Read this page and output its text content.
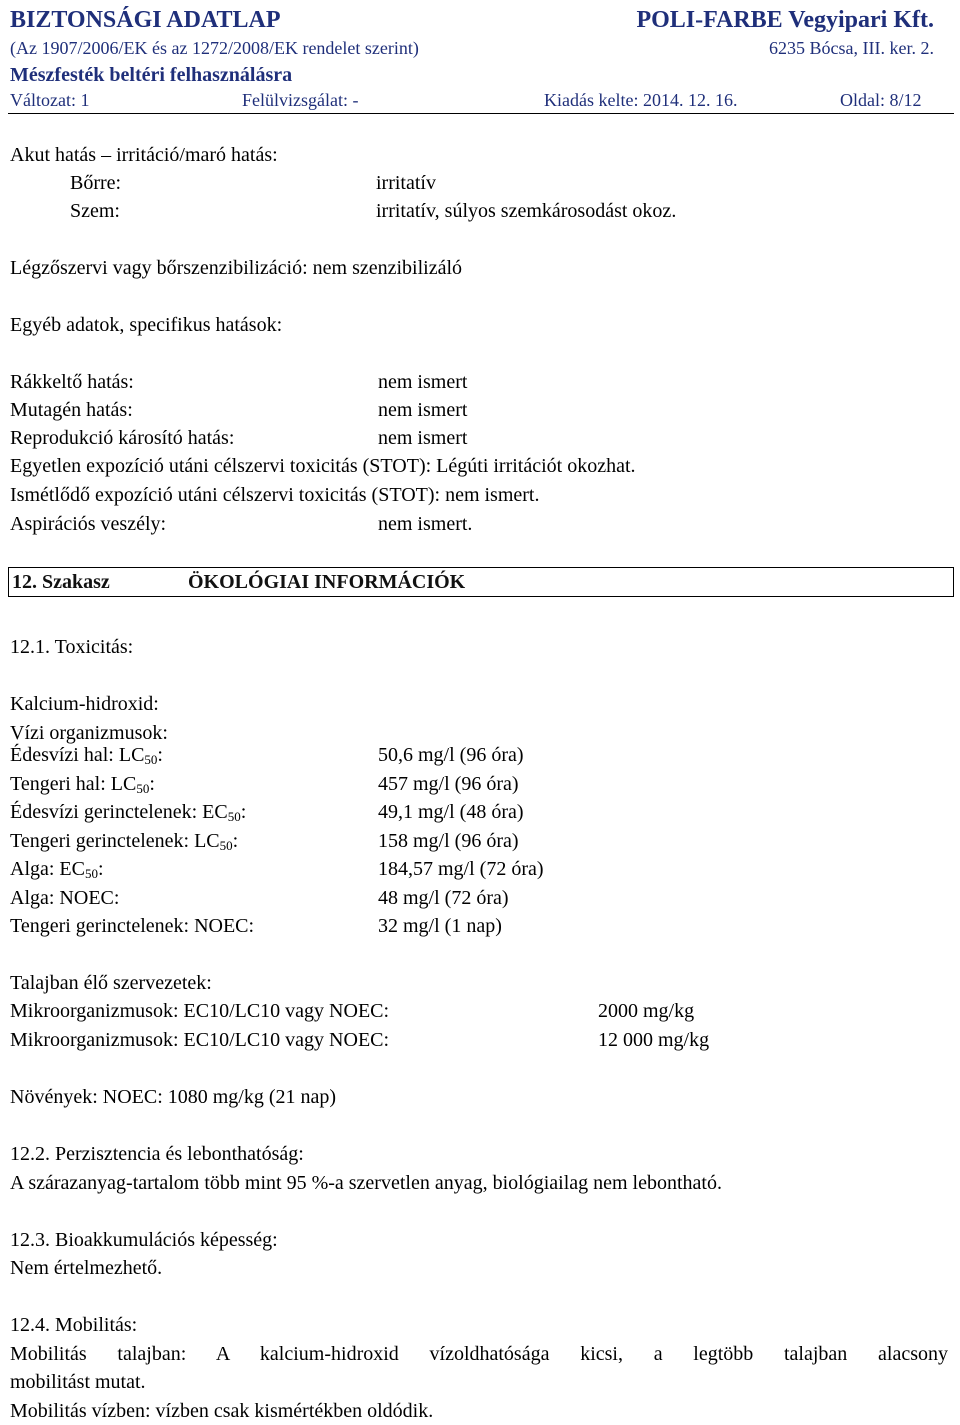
BIZTONSÁGI ADATLAP	POLI-FARBE Vegyipari Kft.
(Az 1907/2006/EK és az 1272/2008/EK rendelet szerint)	6235 Bócsa, III. ker. 2.
Mészfesték beltéri felhasználásra
Változat: 1	Felülvizsgálat: -	Kiadás kelte: 2014. 12. 16.	Oldal: 8/12
Akut hatás – irritáció/maró hatás:
Bőrre:	irritatív
Szem:	irritatív, súlyos szemkárosodást okoz.
Légzőszervi vagy bőrszenzibilizáció: nem szenzibilizáló
Egyéb adatok, specifikus hatások:
Rákkeltő hatás:	nem ismert
Mutagén hatás:	nem ismert
Reprodukció károsító hatás:	nem ismert
Egyetlen expozíció utáni célszervi toxicitás (STOT): Légúti irritációt okozhat.
Ismétlődő expozíció utáni célszervi toxicitás (STOT): nem ismert.
Aspirációs veszély:	nem ismert.
12. Szakasz	ÖKOLÓGIAI INFORMÁCIÓK
12.1. Toxicitás:
Kalcium-hidroxid:
Vízi organizmusok:
Édesvízi hal: $LC_{50}$:	50,6 mg/l (96 óra)
Tengeri hal: $LC_{50}$:	457 mg/l (96 óra)
Édesvízi gerinctelenek: $EC_{50}$:	49,1 mg/l (48 óra)
Tengeri gerinctelenek: $LC_{50}$:	158 mg/l (96 óra)
Alga: $EC_{50}$:	184,57 mg/l (72 óra)
Alga: NOEC:	48 mg/l (72 óra)
Tengeri gerinctelenek: NOEC:	32 mg/l (1 nap)
Talajban élő szervezetek:
Mikroorganizmusok: EC10/LC10 vagy NOEC:	2000 mg/kg
Mikroorganizmusok: EC10/LC10 vagy NOEC:	12 000 mg/kg
Növények: NOEC: 1080 mg/kg (21 nap)
12.2. Perzisztencia és lebonthatóság:
A szárazanyag-tartalom több mint 95 %-a szervetlen anyag, biológiailag nem lebontható.
12.3. Bioakkumulációs képesség:
Nem értelmezhető.
12.4. Mobilitás:
Mobilitás talajban: A kalcium-hidroxid vízoldhatósága kicsi, a legtöbb talajban alacsony
mobilitást mutat.
Mobilitás vízben: vízben csak kismértékben oldódik.
